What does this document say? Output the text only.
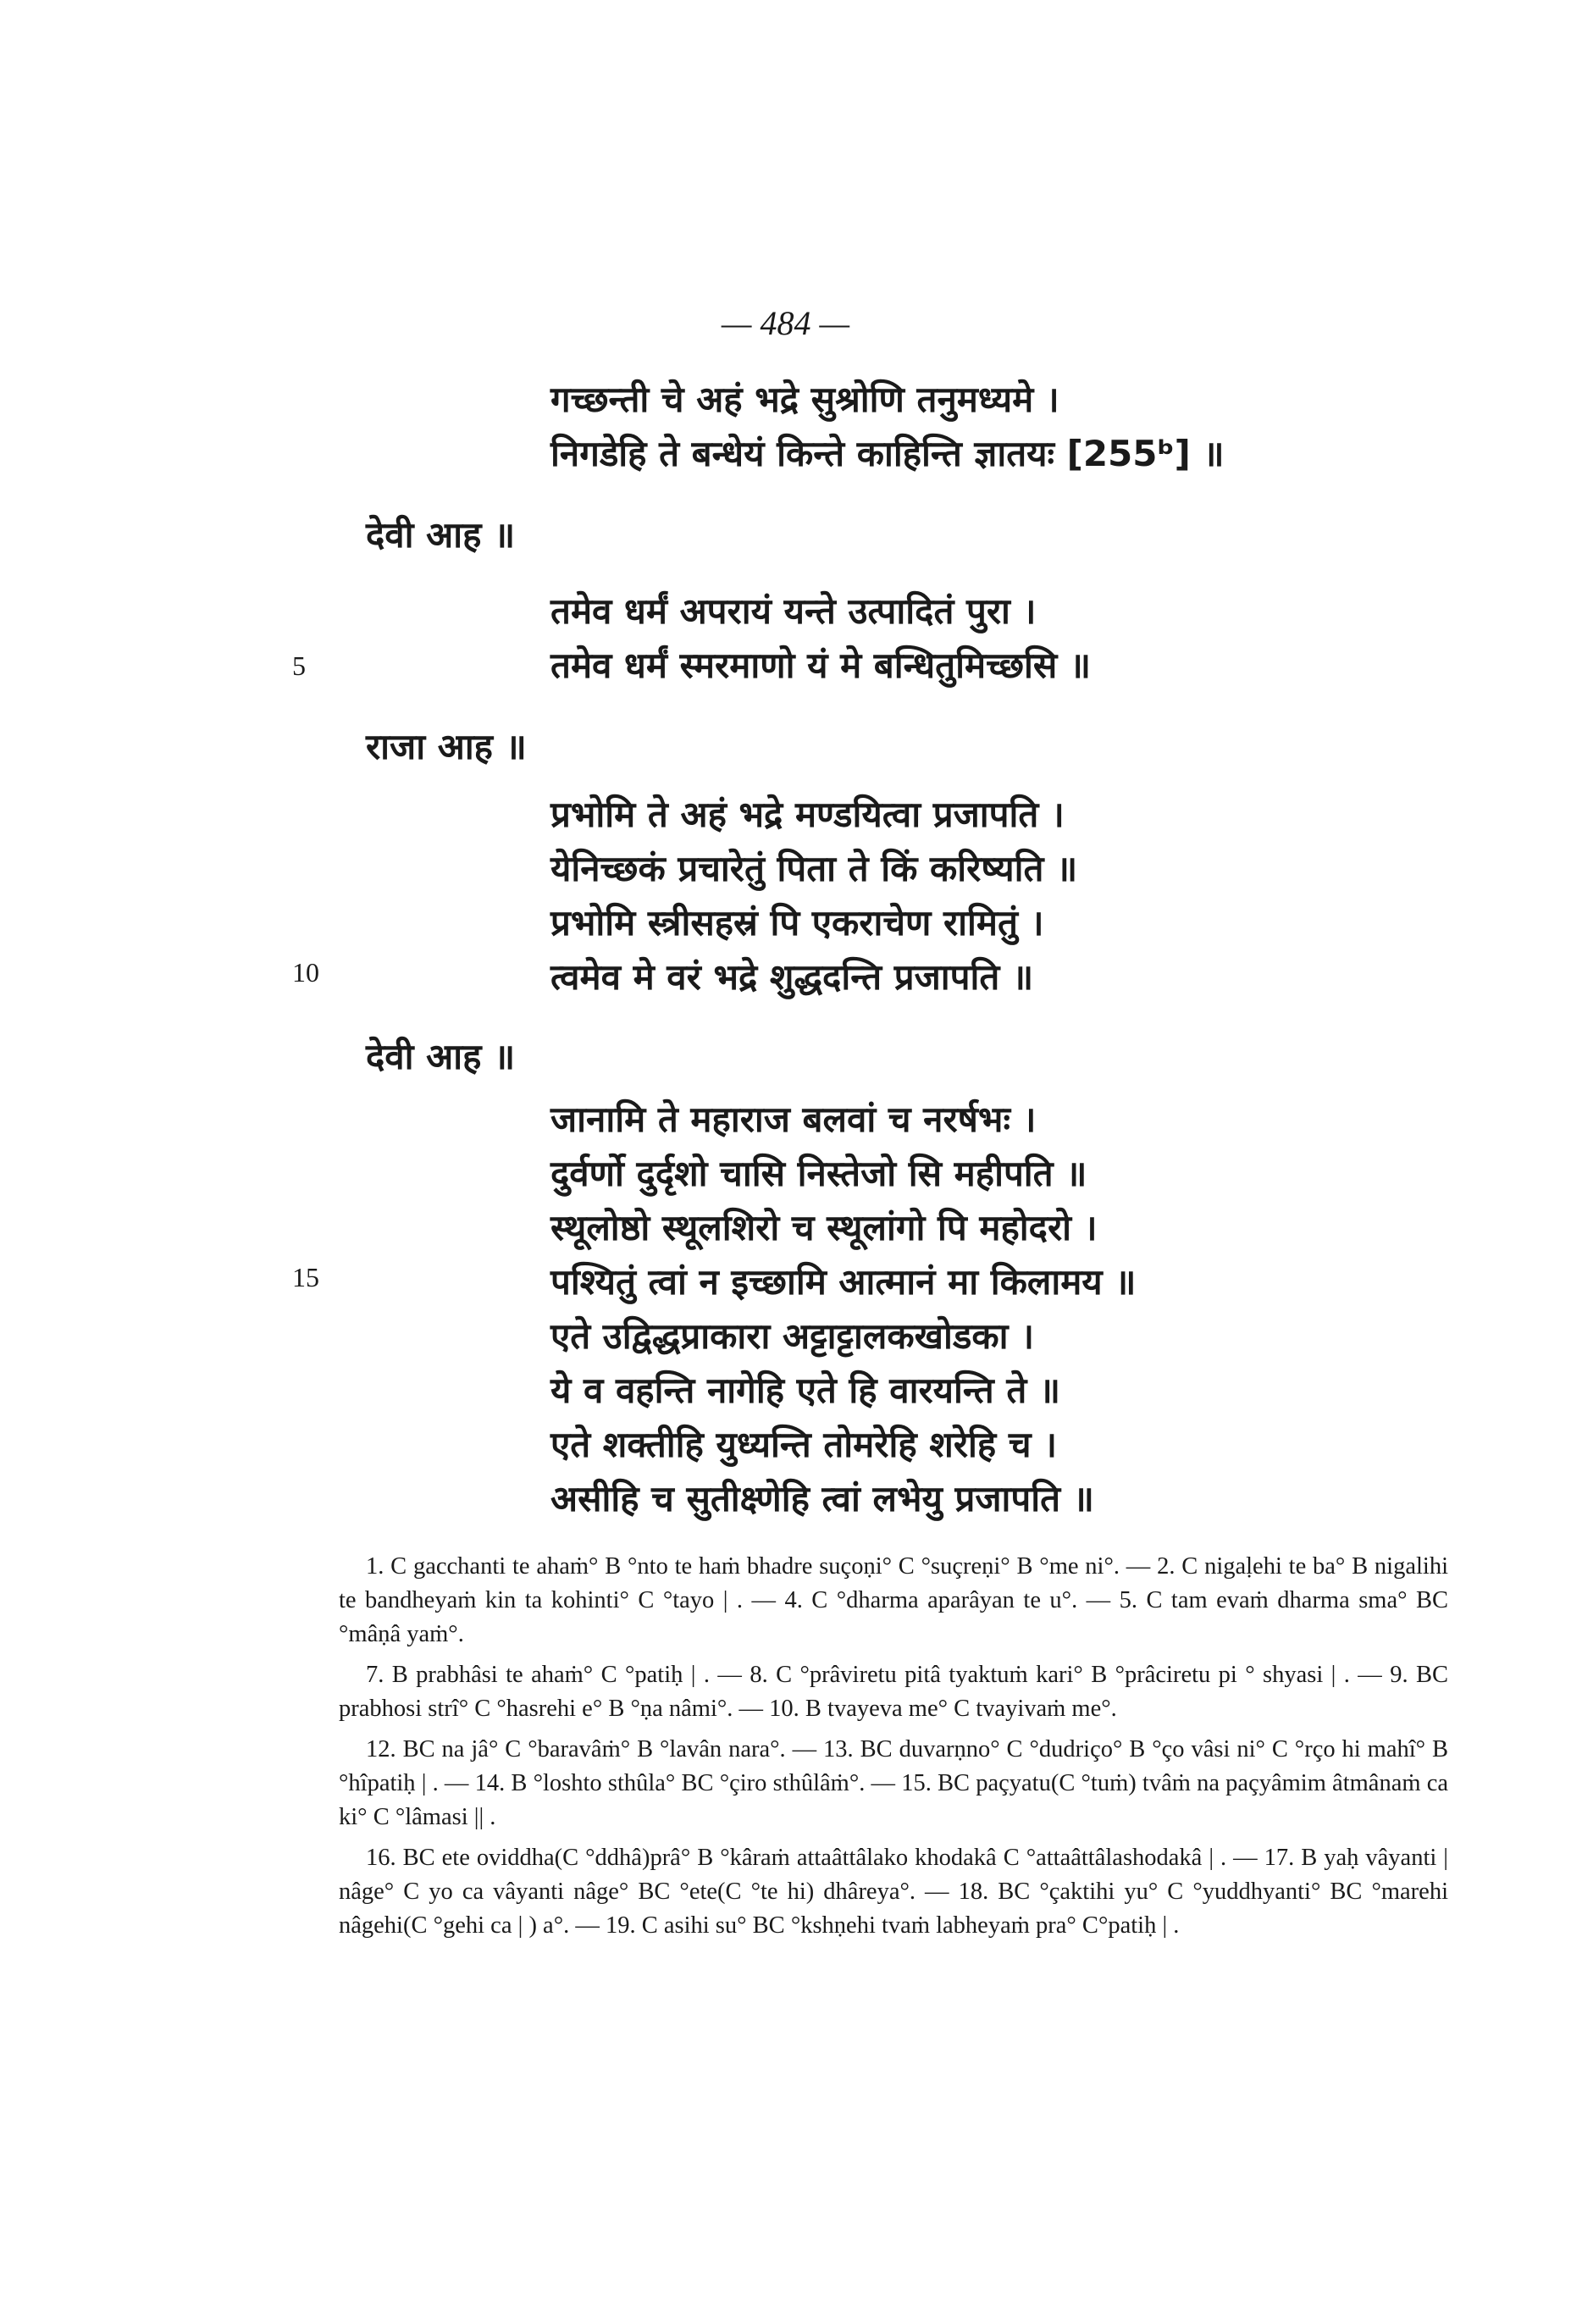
— 484 —
गच्छन्ती चे अहं भद्रे सुश्रोणि तनुमध्यमे ।
निगडेहि ते बन्धेयं किन्ते काहिन्ति ज्ञातयः [255ᵇ] ॥
देवी आह ॥
तमेव धर्मं अपरायं यन्ते उत्पादितं पुरा ।
तमेव धर्मं स्मरमाणो यं मे बन्धितुमिच्छसि ॥
5
राजा आह ॥
प्रभोमि ते अहं भद्रे मण्डयित्वा प्रजापति ।
येनिच्छकं प्रचारेतुं पिता ते किं करिष्यति ॥
प्रभोमि स्त्रीसहस्रं पि एकराचेण रामितुं ।
त्वमेव मे वरं भद्रे शुद्धदन्ति प्रजापति ॥
10
देवी आह ॥
जानामि ते महाराज बलवां च नरर्षभः ।
दुर्वर्णो दुर्दृशो चासि निस्तेजो सि महीपति ॥
स्थूलोष्ठो स्थूलशिरो च स्थूलांगो पि महोदरो ।
पश्यितुं त्वां न इच्छामि आत्मानं मा किलामय ॥
एते उद्विद्धप्राकारा अट्टाट्टालकखोडका ।
ये व वहन्ति नागेहि एते हि वारयन्ति ते ॥
एते शक्तीहि युध्यन्ति तोमरेहि शरेहि च ।
असीहि च सुतीक्ष्णेहि त्वां लभेयु प्रजापति ॥
15

1. C gacchanti te ahaṁ° B °nto te haṁ bhadre suçoṇi° C °suçreṇi° B °me ni°. — 2. C nigaḷehi te ba° B nigalihi te bandheyaṁ kin ta kohinti° C °tayo | . — 4. C °dharma aparâyan te u°. — 5. C tam evaṁ dharma sma° BC °mâṇâ yaṁ°.

7. B prabhâsi te ahaṁ° C °patiḥ | . — 8. C °prâviretu pitâ tyaktuṁ kari° B °prâciretu pi ° shyasi | . — 9. BC prabhosi strî° C °hasrehi e° B °ṇa nâmi°. — 10. B tvayeva me° C tvayivaṁ me°.

12. BC na jâ° C °baravâṁ° B °lavân nara°. — 13. BC duvarṇno° C °dudriço° B °ço vâsi ni° C °rço hi mahî° B °hîpatiḥ | . — 14. B °loshto sthûla° BC °çiro sthûlâṁ°. — 15. BC paçyatu(C °tuṁ) tvâṁ na paçyâmim âtmânaṁ ca ki° C °lâmasi || .

16. BC ete oviddha(C °ddhâ)prâ° B °kâraṁ attaâttâlako khodakâ C °attaâttâlashodakâ | . — 17. B yaḥ vâyanti | nâge° C yo ca vâyanti nâge° BC °ete(C °te hi) dhâreya°. — 18. BC °çaktihi yu° C °yuddhyanti° BC °marehi nâgehi(C °gehi ca | ) a°. — 19. C asihi su° BC °kshṇehi tvaṁ labheyaṁ pra° C°patiḥ | .
